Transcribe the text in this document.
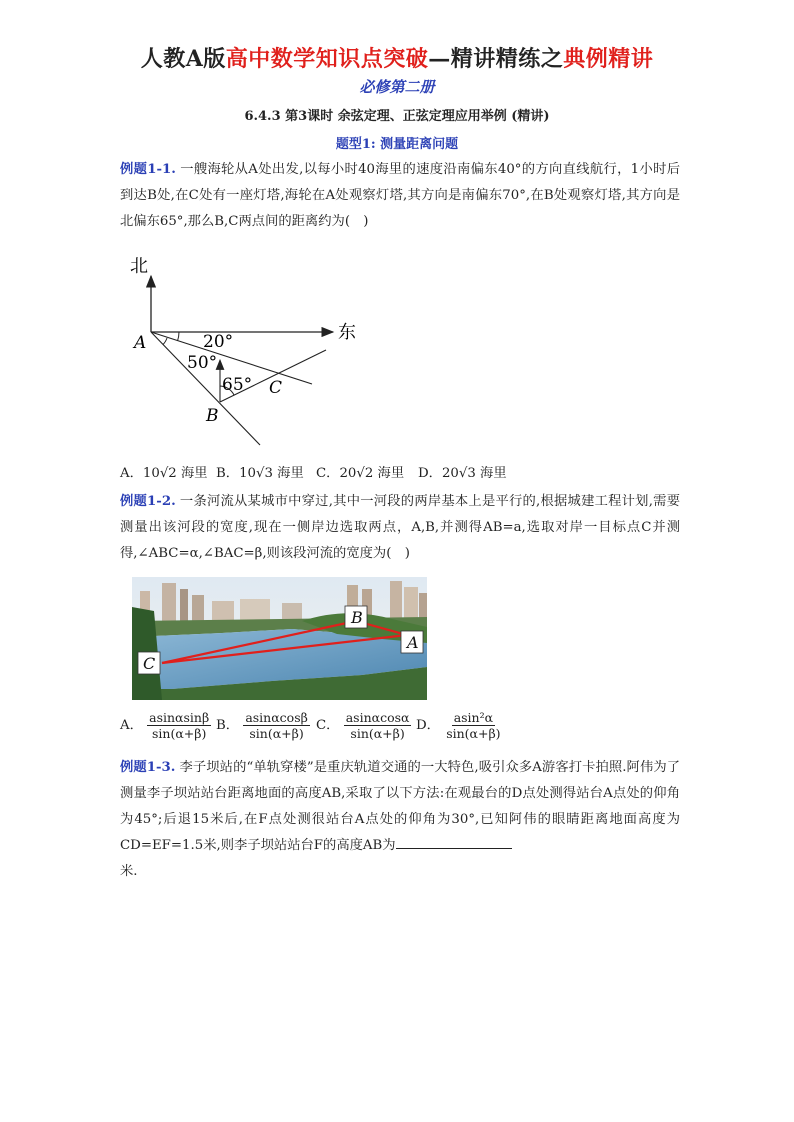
人教A版高中数学知识点突破—精讲精练之典例精讲
必修第二册
6.4.3 第3课时 余弦定理、正弦定理应用举例 (精讲)
题型1: 测量距离问题
例题1-1. 一艘海轮从A处出发,以每小时40海里的速度沿南偏东40°的方向直线航行，1小时后到达B处,在C处有一座灯塔,海轮在A处观察灯塔,其方向是南偏东70°,在B处观察灯塔,其方向是北偏东65°,那么B,C两点间的距离约为(　)
北
东
A
B
C
20°
50°
65°
A．10√2 海里 B．10√3 海里 C．20√2 海里 D．20√3 海里
例题1-2. 一条河流从某城市中穿过,其中一河段的两岸基本上是平行的,根据城建工程计划,需要测量出该河段的宽度,现在一侧岸边选取两点，A,B,并测得AB=a,选取对岸一目标点C并测得,∠ABC=α,∠BAC=β,则该段河流的宽度为(　)
B
A
C
A． $\frac{asin\alpha\sin\beta}{\sin(\alpha+\beta)}$ B． $\frac{asin\alpha\cos\beta}{\sin(\alpha+\beta)}$ C． $\frac{asin\alpha\cos\alpha}{\sin(\alpha+\beta)}$ D． $\frac{\text{asin²α}}{\sin(\alpha+\beta)}$
例题1-3. 李子坝站的“单轨穿楼”是重庆轨道交通的一大特色,吸引众多A游客打卡拍照.阿伟为了测量李子坝站站台距离地面的高度AB,采取了以下方法:在观最台的D点处测得站台A点处的仰角为45°;后退15米后,在F点处测很站台A点处的仰角为30°,已知阿伟的眼睛距离地面高度为CD=EF=1.5米,则李子坝站站台F的高度AB为
米.
